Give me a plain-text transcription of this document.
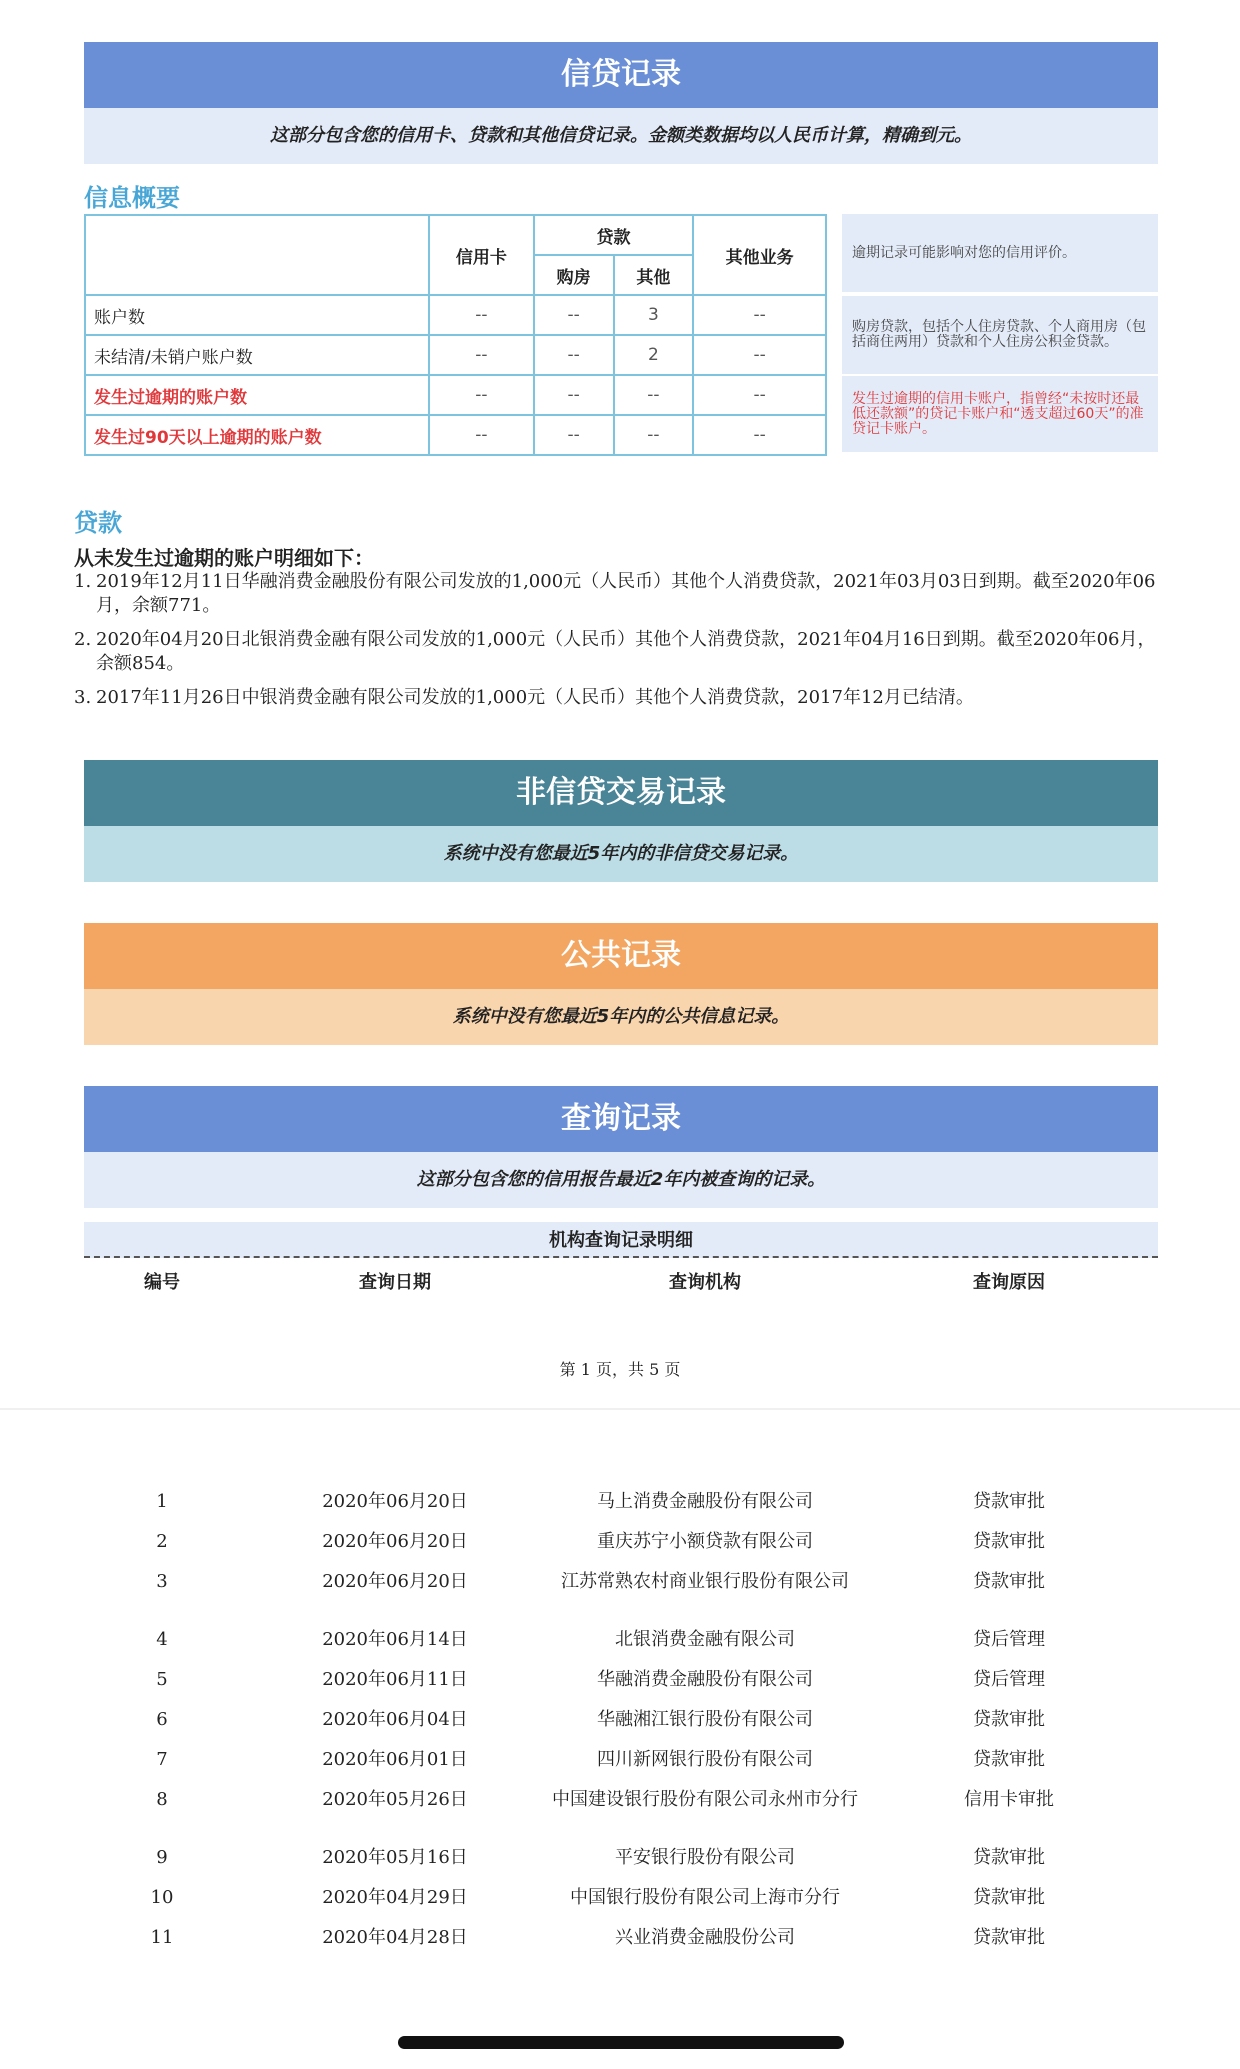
信贷记录
这部分包含您的信用卡、贷款和其他信贷记录。金额类数据均以人民币计算，精确到元。
信息概要
	信用卡	贷款		其他业务
		购房	其他	
账户数	--	--	3	--
未结清/未销户账户数	--	--	2	--
发生过逾期的账户数	--	--	--	--
发生过90天以上逾期的账户数	--	--	--	--
逾期记录可能影响对您的信用评价。
购房贷款，包括个人住房贷款、个人商用房（包括商住两用）贷款和个人住房公积金贷款。
发生过逾期的信用卡账户，指曾经“未按时还最低还款额”的贷记卡账户和“透支超过60天”的准贷记卡账户。
贷款
从未发生过逾期的账户明细如下：
1. 2019年12月11日华融消费金融股份有限公司发放的1,000元（人民币）其他个人消费贷款，2021年03月03日到期。截至2020年06月，余额771。
2. 2020年04月20日北银消费金融有限公司发放的1,000元（人民币）其他个人消费贷款，2021年04月16日到期。截至2020年06月，余额854。
3. 2017年11月26日中银消费金融有限公司发放的1,000元（人民币）其他个人消费贷款，2017年12月已结清。
非信贷交易记录
系统中没有您最近5年内的非信贷交易记录。
公共记录
系统中没有您最近5年内的公共信息记录。
查询记录
这部分包含您的信用报告最近2年内被查询的记录。
机构查询记录明细
编号	查询日期	查询机构	查询原因
第 1 页，共 5 页
1	2020年06月20日	马上消费金融股份有限公司	贷款审批
2	2020年06月20日	重庆苏宁小额贷款有限公司	贷款审批
3	2020年06月20日	江苏常熟农村商业银行股份有限公司	贷款审批
4	2020年06月14日	北银消费金融有限公司	贷后管理
5	2020年06月11日	华融消费金融股份有限公司	贷后管理
6	2020年06月04日	华融湘江银行股份有限公司	贷款审批
7	2020年06月01日	四川新网银行股份有限公司	贷款审批
8	2020年05月26日	中国建设银行股份有限公司永州市分行	信用卡审批
9	2020年05月16日	平安银行股份有限公司	贷款审批
10	2020年04月29日	中国银行股份有限公司上海市分行	贷款审批
11	2020年04月28日	兴业消费金融股份公司	贷款审批
